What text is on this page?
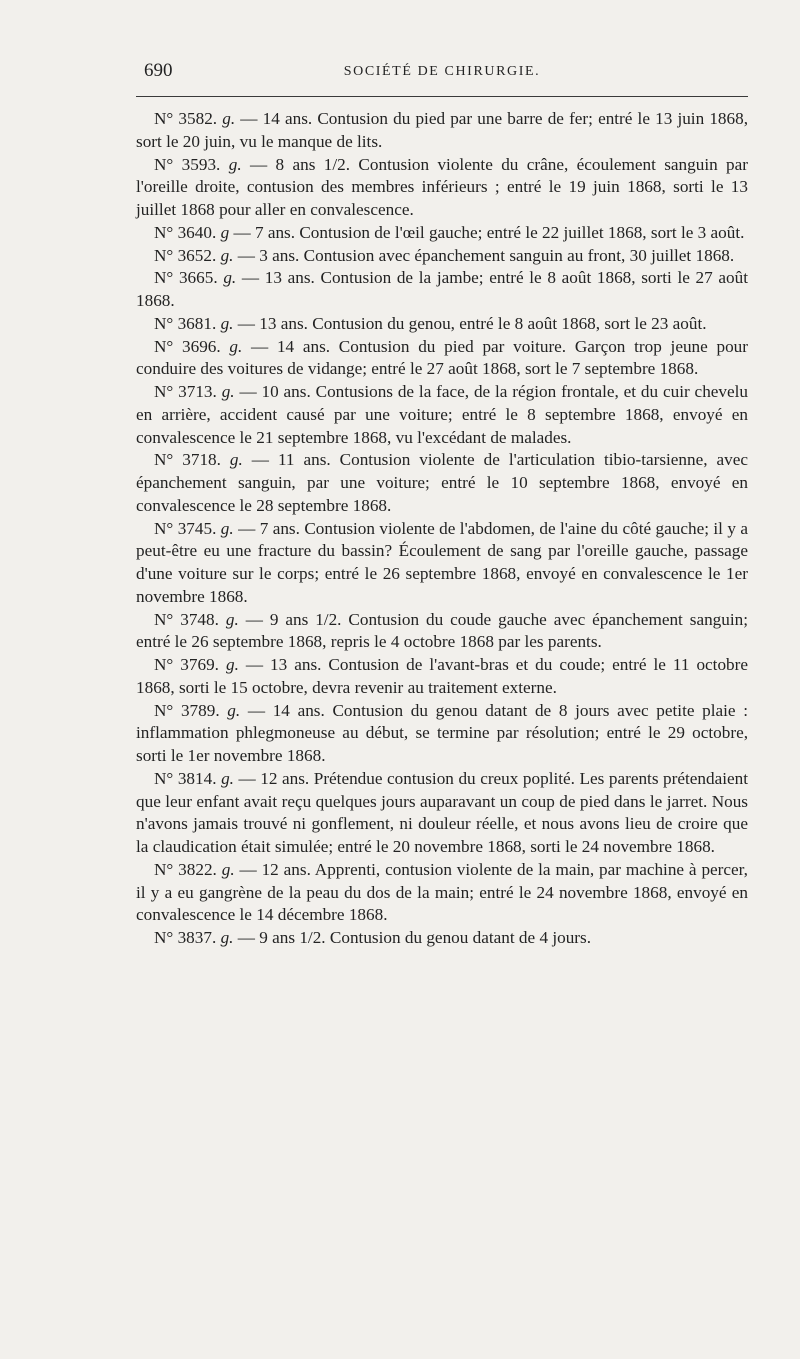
690	SOCIÉTÉ DE CHIRURGIE.

N° 3582. g. — 14 ans. Contusion du pied par une barre de fer; entré le 13 juin 1868, sort le 20 juin, vu le manque de lits.

N° 3593. g. — 8 ans 1/2. Contusion violente du crâne, écoulement sanguin par l'oreille droite, contusion des membres inférieurs ; entré le 19 juin 1868, sorti le 13 juillet 1868 pour aller en convalescence.

N° 3640. g — 7 ans. Contusion de l'œil gauche; entré le 22 juillet 1868, sort le 3 août.

N° 3652. g. — 3 ans. Contusion avec épanchement sanguin au front, 30 juillet 1868.

N° 3665. g. — 13 ans. Contusion de la jambe; entré le 8 août 1868, sorti le 27 août 1868.

N° 3681. g. — 13 ans. Contusion du genou, entré le 8 août 1868, sort le 23 août.

N° 3696. g. — 14 ans. Contusion du pied par voiture. Garçon trop jeune pour conduire des voitures de vidange; entré le 27 août 1868, sort le 7 septembre 1868.

N° 3713. g. — 10 ans. Contusions de la face, de la région frontale, et du cuir chevelu en arrière, accident causé par une voiture; entré le 8 septembre 1868, envoyé en convalescence le 21 septembre 1868, vu l'excédant de malades.

N° 3718. g. — 11 ans. Contusion violente de l'articulation tibio-tarsienne, avec épanchement sanguin, par une voiture; entré le 10 septembre 1868, envoyé en convalescence le 28 septembre 1868.

N° 3745. g. — 7 ans. Contusion violente de l'abdomen, de l'aine du côté gauche; il y a peut-être eu une fracture du bassin? Écoulement de sang par l'oreille gauche, passage d'une voiture sur le corps; entré le 26 septembre 1868, envoyé en convalescence le 1er novembre 1868.

N° 3748. g. — 9 ans 1/2. Contusion du coude gauche avec épanchement sanguin; entré le 26 septembre 1868, repris le 4 octobre 1868 par les parents.

N° 3769. g. — 13 ans. Contusion de l'avant-bras et du coude; entré le 11 octobre 1868, sorti le 15 octobre, devra revenir au traitement externe.

N° 3789. g. — 14 ans. Contusion du genou datant de 8 jours avec petite plaie : inflammation phlegmoneuse au début, se termine par résolution; entré le 29 octobre, sorti le 1er novembre 1868.

N° 3814. g. — 12 ans. Prétendue contusion du creux poplité. Les parents prétendaient que leur enfant avait reçu quelques jours auparavant un coup de pied dans le jarret. Nous n'avons jamais trouvé ni gonflement, ni douleur réelle, et nous avons lieu de croire que la claudication était simulée; entré le 20 novembre 1868, sorti le 24 novembre 1868.

N° 3822. g. — 12 ans. Apprenti, contusion violente de la main, par machine à percer, il y a eu gangrène de la peau du dos de la main; entré le 24 novembre 1868, envoyé en convalescence le 14 décembre 1868.

N° 3837. g. — 9 ans 1/2. Contusion du genou datant de 4 jours.
